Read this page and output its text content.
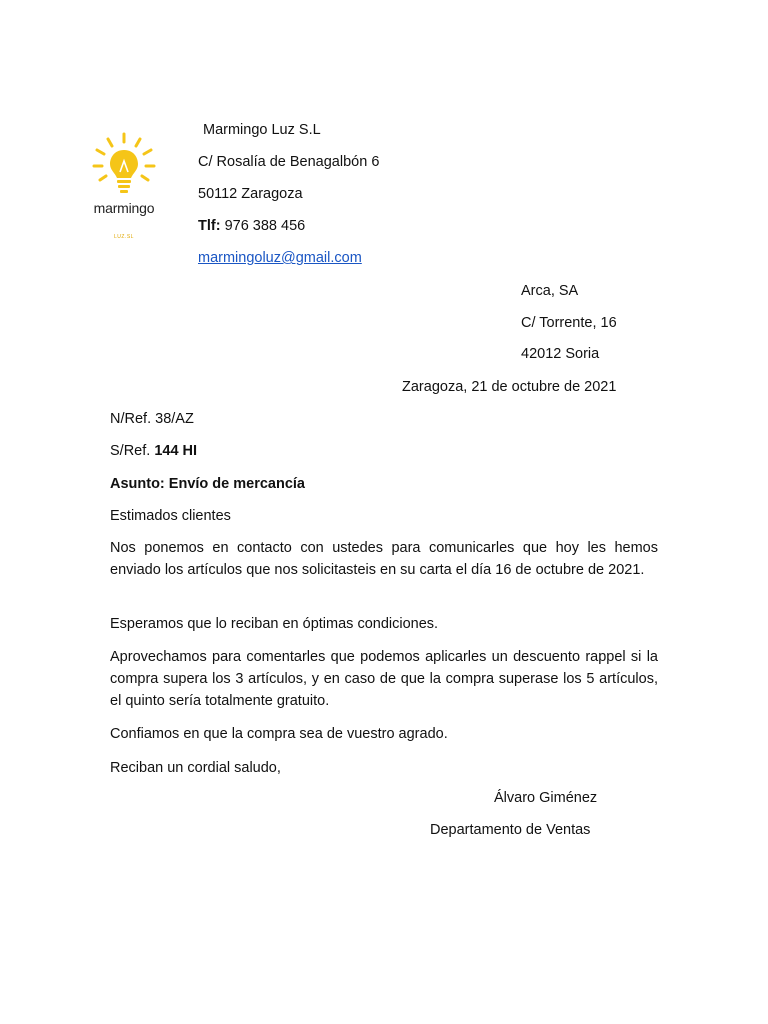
marmingo
LUZ.SL
Marmingo Luz S.L
C/ Rosalía de Benagalbón 6
50112 Zaragoza
Tlf: 976 388 456
marmingoluz@gmail.com
Arca, SA
C/ Torrente, 16
42012 Soria
Zaragoza, 21 de octubre de 2021
N/Ref. 38/AZ
S/Ref. 144 HI
Asunto: Envío de mercancía
Estimados clientes
Nos ponemos en contacto con ustedes para comunicarles que hoy les hemos enviado los artículos que nos solicitasteis en su carta el día 16 de octubre de 2021.
Esperamos que lo reciban en óptimas condiciones.
Aprovechamos para comentarles que podemos aplicarles un descuento rappel si la compra supera los 3 artículos, y en caso de que la compra superase los 5 artículos, el quinto sería totalmente gratuito.
Confiamos en que la compra sea de vuestro agrado.
Reciban un cordial saludo,
Álvaro Giménez
Departamento de Ventas
